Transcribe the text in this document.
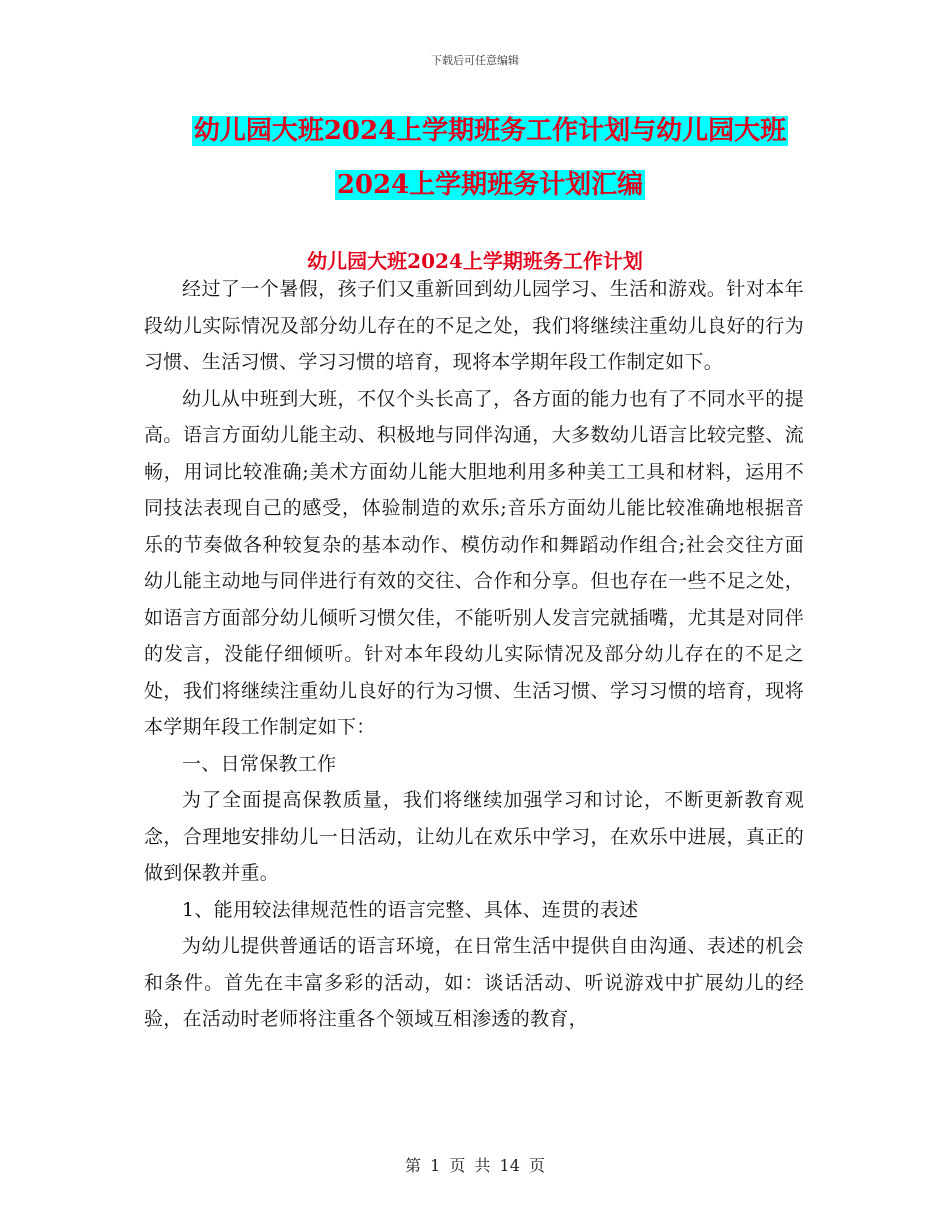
下载后可任意编辑
幼儿园大班2024上学期班务工作计划与幼儿园大班
2024上学期班务计划汇编
幼儿园大班2024上学期班务工作计划

经过了一个暑假，孩子们又重新回到幼儿园学习、生活和游戏。针对本年段幼儿实际情况及部分幼儿存在的不足之处，我们将继续注重幼儿良好的行为习惯、生活习惯、学习习惯的培育，现将本学期年段工作制定如下。

幼儿从中班到大班，不仅个头长高了，各方面的能力也有了不同水平的提高。语言方面幼儿能主动、积极地与同伴沟通，大多数幼儿语言比较完整、流畅，用词比较准确;美术方面幼儿能大胆地利用多种美工工具和材料，运用不同技法表现自己的感受，体验制造的欢乐;音乐方面幼儿能比较准确地根据音乐的节奏做各种较复杂的基本动作、模仿动作和舞蹈动作组合;社会交往方面幼儿能主动地与同伴进行有效的交往、合作和分享。但也存在一些不足之处，如语言方面部分幼儿倾听习惯欠佳，不能听别人发言完就插嘴，尤其是对同伴的发言，没能仔细倾听。针对本年段幼儿实际情况及部分幼儿存在的不足之处，我们将继续注重幼儿良好的行为习惯、生活习惯、学习习惯的培育，现将本学期年段工作制定如下：

一、日常保教工作

为了全面提高保教质量，我们将继续加强学习和讨论，不断更新教育观念，合理地安排幼儿一日活动，让幼儿在欢乐中学习，在欢乐中进展，真正的做到保教并重。

1、能用较法律规范性的语言完整、具体、连贯的表述

为幼儿提供普通话的语言环境，在日常生活中提供自由沟通、表述的机会和条件。首先在丰富多彩的活动，如：谈话活动、听说游戏中扩展幼儿的经验，在活动时老师将注重各个领域互相渗透的教育，

第 1 页 共 14 页
